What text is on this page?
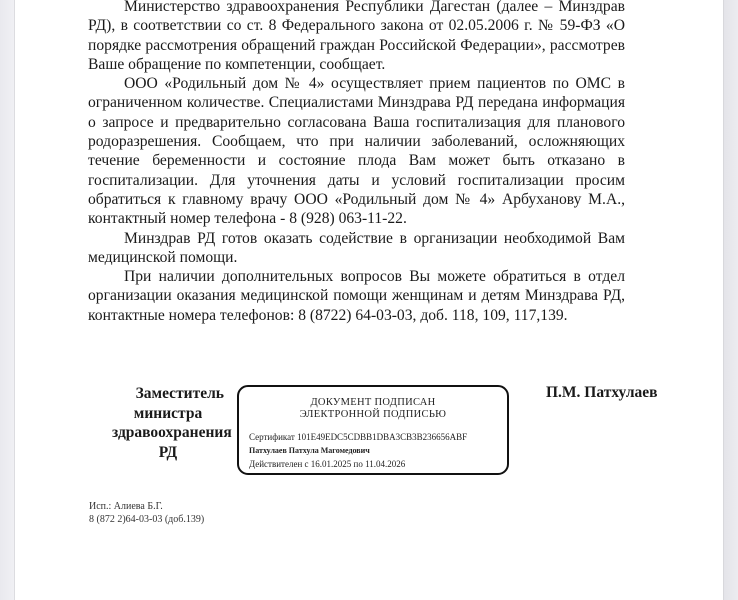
Министерство здравоохранения Республики Дагестан (далее – Минздрав РД), в соответствии со ст. 8 Федерального закона от 02.05.2006 г. № 59-ФЗ «О порядке рассмотрения обращений граждан Российской Федерации», рассмотрев Ваше обращение по компетенции, сообщает.

ООО «Родильный дом № 4» осуществляет прием пациентов по ОМС в ограниченном количестве. Специалистами Минздрава РД передана информация о запросе и предварительно согласована Ваша госпитализация для планового родоразрешения. Сообщаем, что при наличии заболеваний, осложняющих течение беременности и состояние плода Вам может быть отказано в госпитализации. Для уточнения даты и условий госпитализации просим обратиться к главному врачу ООО «Родильный дом № 4» Арбуханову М.А., контактный номер телефона - 8 (928) 063-11-22.

Минздрав РД готов оказать содействие в организации необходимой Вам медицинской помощи.

При наличии дополнительных вопросов Вы можете обратиться в отдел организации оказания медицинской помощи женщинам и детям Минздрава РД, контактные номера телефонов: 8 (8722) 64-03-03, доб. 118, 109, 117,139.

Заместитель
министра
здравоохранения
РД
ДОКУМЕНТ ПОДПИСАН
ЭЛЕКТРОННОЙ ПОДПИСЬЮ
Сертификат 101E49EDC5CDBB1DBA3CB3B236656ABF
Патхулаев Патхула Магомедович
Действителен с 16.01.2025 по 11.04.2026
П.М. Патхулаев
Исп.: Алиева Б.Г.
8 (872 2)64-03-03 (доб.139)
